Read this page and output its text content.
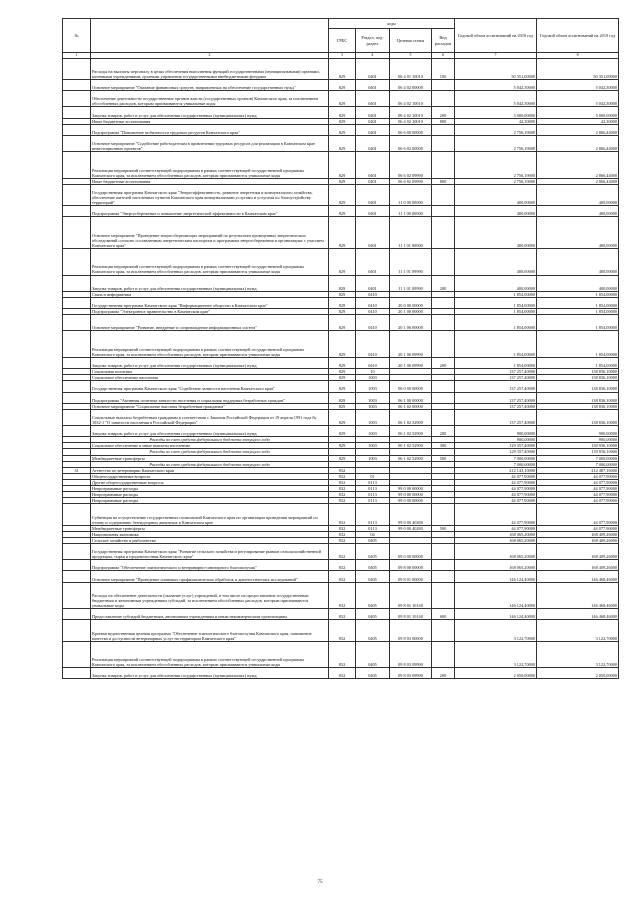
№		коды				Годовой объем ассигнований на 2018 год	Годовой объем ассигнований на 2019 год
		ГРБС	Раздел, под-раздел	Целевая статья	Вид расходов		
1	2	3	4	5	6	7	8
	Расходы на выплаты персоналу в целях обеспечения выполнения функций государственными (муниципальными) органами, казенными учреждениями, органами управления государственными внебюджетными фондами	829	0401	06 4 01 10010	100	50 351,00000	50 351,00000
	Основное мероприятие "Оказание финансовых средств, направленных на обеспечение государственных нужд"	829	0401	06 4 02 00000		5 042,30000	5 042,30000
	Обеспечение деятельности государственных органов власти (государственных органов) Камчатского края, за исключением обособленных расходов, которым присваиваются уникальные коды	829	0401	06 4 02 10010		5 042,30000	5 042,30000
	Закупка товаров, работ и услуг для обеспечения государственных (муниципальных) нужд	829	0401	06 4 02 10010	200	5 000,00000	5 000,00000
	Иные бюджетные ассигнования	829	0401	06 4 02 10010	800	42,30000	42,30000
	Подпрограмма "Повышение мобильности трудовых ресурсов Камчатского края"	829	0401	06 6 00 00000		2 756,19000	2 866,44000
	Основное мероприятие "Содействие работодателям в привлечении трудовых ресурсов для реализации в Камчатском крае инвестиционных проектов"	829	0401	06 6 02 00000		2 756,19000	2 866,44000
	Реализация мероприятий соответствующей подпрограммы в рамках соответствующей государственной программы Камчатского края, за исключением обособленных расходов, которым присваиваются уникальные коды	829	0401	06 6 02 09990		2 756,19000	2 866,44000
	Иные бюджетные ассигнования	829	0401	06 6 02 09990	800	2 756,19000	2 866,44000
	Государственная программа Камчатского края "Энергоэффективность, развитие энергетики и коммунального хозяйства, обеспечение жителей населенных пунктов Камчатского края коммунальными услугами и услугами по благоустройству территорий"	829	0401	11 0 00 00000		400,00000	400,00000
	Подпрограмма "Энергосбережение и повышение энергетической эффективности в Камчатском крае"	829	0401	11 1 00 00000		400,00000	400,00000
	Основное мероприятие "Проведение энергосберегающих мероприятий по результатам проведенных энергетических обследований согласно составленным энергетическим паспортам и программам энергосбережения в организациях с участием Камчатского края"	829	0401	11 1 01 00000		400,00000	400,00000
	Реализация мероприятий соответствующей подпрограммы в рамках соответствующей государственной программы Камчатского края, за исключением обособленных расходов, которым присваиваются уникальные коды	829	0401	11 1 01 09990		400,00000	400,00000
	Закупка товаров, работ и услуг для обеспечения государственных (муниципальных) нужд	829	0401	11 1 01 09990	200	400,00000	400,00000
	Связь и информатика	829	0410			1 854,00000	1 854,00000
	Государственная программа Камчатского края "Информационное общество в Камчатском крае"	829	0410	20 0 00 00000		1 854,00000	1 854,00000
	Подпрограмма "Электронное правительство в Камчатском крае"	829	0410	20 1 00 00000		1 854,00000	1 854,00000
	Основное мероприятие "Развитие, внедрение и сопровождение информационных систем"	829	0410	20 1 06 00000		1 854,00000	1 854,00000
	Реализация мероприятий соответствующей подпрограммы в рамках соответствующей государственной программы Камчатского края, за исключением обособленных расходов, которым присваиваются уникальные коды	829	0410	20 1 06 09990		1 854,00000	1 854,00000
	Закупка товаров, работ и услуг для обеспечения государственных (муниципальных) нужд	829	0410	20 1 06 09990	200	1 854,00000	1 854,00000
	Социальная политика	829	10			137 257,40000	138 836,10000
	Социальное обеспечение населения	829	1003			137 257,40000	138 836,10000
	Государственная программа Камчатского края "Содействие занятости населения Камчатского края"	829	1003	06 0 00 00000		137 257,40000	138 836,10000
	Подпрограмма "Активная политика занятости населения и социальная поддержка безработных граждан"	829	1003	06 1 00 00000		137 257,40000	138 836,10000
	Основное мероприятие "Социальные выплаты безработным гражданам"	829	1003	06 1 02 00000		137 257,40000	138 836,10000
	Социальные выплаты безработным гражданам в соответствии с Законом Российской Федерации от 19 апреля 1991 года № 1032-1 "О занятости населения в Российской Федерации"	829	1003	06 1 02 52900		137 257,40000	138 836,10000
	Закупка товаров, работ и услуг для обеспечения государственных (муниципальных) нужд	829	1003	06 1 02 52900	200	900,00000	900,00000
	Расходы за счет средств федерального бюджета текущего года					900,00000	900,00000
	Социальное обеспечение и иные выплаты населению	829	1003	06 1 02 52900	300	129 357,40000	130 936,10000
	Расходы за счет средств федерального бюджета текущего года					129 357,40000	130 936,10000
	Межбюджетные трансферты	829	1003	06 1 02 52900	500	7 000,00000	7 000,00000
	Расходы за счет средств федерального бюджета текущего года					7 000,00000	7 000,00000
31	Агентство по ветеринарии Камчатского края	832				212 143,10000	212 487,16000
	Общегосударственные вопросы	832	01			44 077,90000	44 077,90000
	Другие общегосударственные вопросы	832	0113			44 077,90000	44 077,90000
	Непрограммные расходы	832	0113	99 0 00 00000		44 077,90000	44 077,90000
	Непрограммные расходы	832	0113	99 0 00 00000		44 077,90000	44 077,90000
	Непрограммные расходы	832	0113	99 0 00 00000		44 077,90000	44 077,90000
	Субвенция на осуществление государственных полномочий Камчатского края по организации проведения мероприятий по отлову и содержанию безнадзорных животных в Камчатском крае	832	0113	99 0 00 40280		44 077,90000	44 077,90000
	Межбюджетные трансферты	832	0113	99 0 00 40280	500	44 077,90000	44 077,90000
	Национальная экономика	832	04			168 065,20000	168 409,26000
	Сельское хозяйство и рыболовство	832	0405			168 065,20000	168 409,26000
	Государственная программа Камчатского края "Развитие сельского хозяйства и регулирование рынков сельскохозяйственной продукции, сырья и продовольствия Камчатского края"	832	0405	09 0 00 00000		168 065,20000	168 409,26000
	Подпрограмма "Обеспечение эпизоотического и ветеринарно-санитарного благополучия"	832	0405	09 8 00 00000		168 065,20000	168 409,26000
	Основное мероприятие "Проведение плановых профилактических обработок и диагностических исследований"	832	0405	09 8 01 00000		146 124,40000	146 468,46000
	Расходы на обеспечение деятельности (оказание услуг) учреждений, в том числе на предоставление государственным бюджетным и автономным учреждениям субсидий, за исключением обособленных расходов, которым присваиваются уникальные коды	832	0405	09 8 01 10140		146 124,40000	146 468,46000
	Предоставление субсидий бюджетным, автономным учреждениям и иным некоммерческим организациям	832	0405	09 8 01 10140	600	146 124,40000	146 468,46000
	Краевая ведомственная целевая программа "Обеспечение эпизоотического благополучия Камчатского края, повышение качества и доступности ветеринарных услуг на территории Камчатского края"	832	0405	09 8 03 00000		3 122,70000	3 122,70000
	Реализация мероприятий соответствующей подпрограммы в рамках соответствующей государственной программы Камчатского края, за исключением обособленных расходов, которым присваиваются уникальные коды	832	0405	09 8 03 09990		3 122,70000	3 122,70000
	Закупка товаров, работ и услуг для обеспечения государственных (муниципальных) нужд	832	0405	09 8 03 09990	200	2 050,00000	2 050,00000
75
